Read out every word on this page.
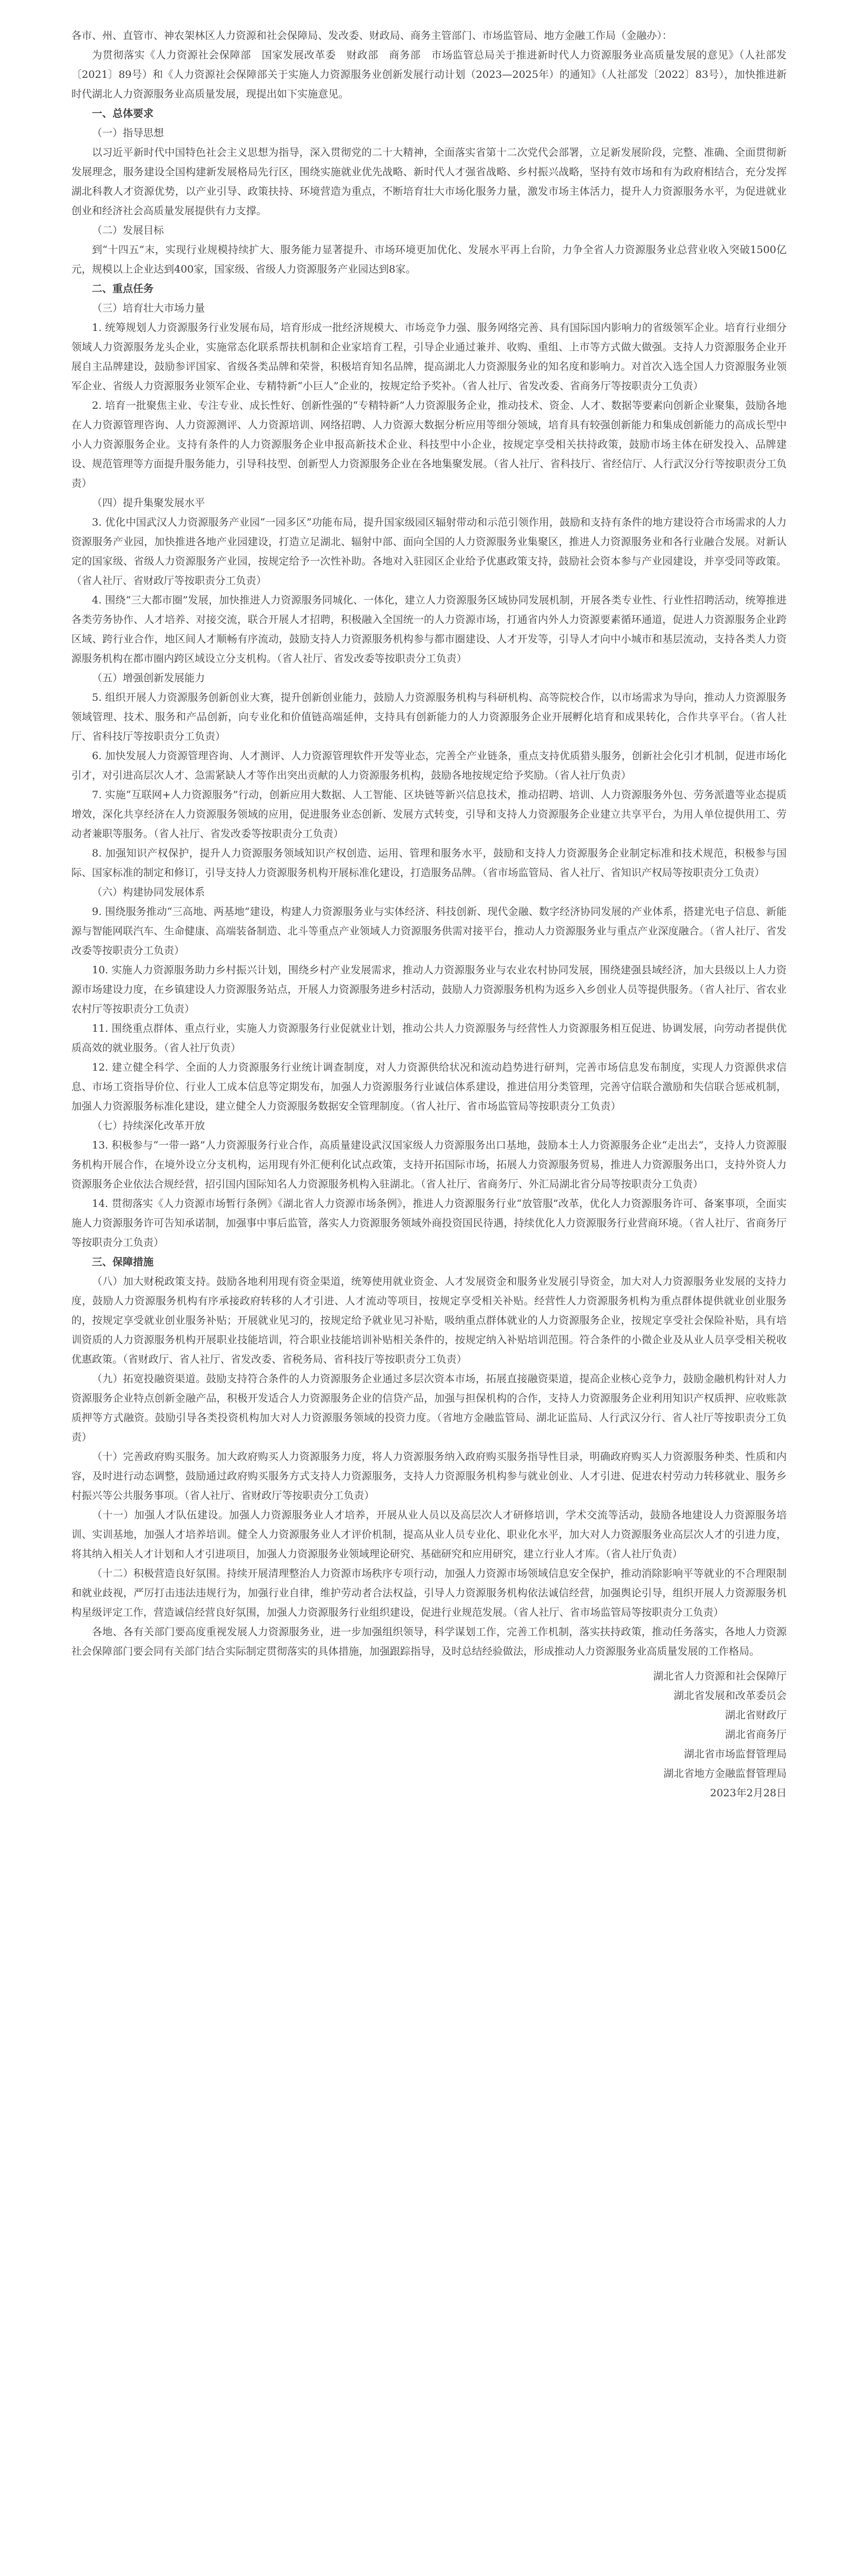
各市、州、直管市、神农架林区人力资源和社会保障局、发改委、财政局、商务主管部门、市场监管局、地方金融工作局（金融办）：

为贯彻落实《人力资源社会保障部　国家发展改革委　财政部　商务部　市场监管总局关于推进新时代人力资源服务业高质量发展的意见》（人社部发〔2021〕89号）和《人力资源社会保障部关于实施人力资源服务业创新发展行动计划（2023—2025年）的通知》（人社部发〔2022〕83号），加快推进新时代湖北人力资源服务业高质量发展，现提出如下实施意见。

一、总体要求

（一）指导思想

以习近平新时代中国特色社会主义思想为指导，深入贯彻党的二十大精神，全面落实省第十二次党代会部署，立足新发展阶段，完整、准确、全面贯彻新发展理念，服务建设全国构建新发展格局先行区，围绕实施就业优先战略、新时代人才强省战略、乡村振兴战略，坚持有效市场和有为政府相结合，充分发挥湖北科教人才资源优势，以产业引导、政策扶持、环境营造为重点，不断培育壮大市场化服务力量，激发市场主体活力，提升人力资源服务水平，为促进就业创业和经济社会高质量发展提供有力支撑。

（二）发展目标

到“十四五”末，实现行业规模持续扩大、服务能力显著提升、市场环境更加优化、发展水平再上台阶，力争全省人力资源服务业总营业收入突破1500亿元，规模以上企业达到400家，国家级、省级人力资源服务产业园达到8家。

二、重点任务

（三）培育壮大市场力量

1. 统筹规划人力资源服务行业发展布局，培育形成一批经济规模大、市场竞争力强、服务网络完善、具有国际国内影响力的省级领军企业。培育行业细分领域人力资源服务龙头企业，实施常态化联系帮扶机制和企业家培育工程，引导企业通过兼并、收购、重组、上市等方式做大做强。支持人力资源服务企业开展自主品牌建设，鼓励参评国家、省级各类品牌和荣誉，积极培育知名品牌，提高湖北人力资源服务业的知名度和影响力。对首次入选全国人力资源服务业领军企业、省级人力资源服务业领军企业、专精特新“小巨人”企业的，按规定给予奖补。（省人社厅、省发改委、省商务厅等按职责分工负责）

2. 培育一批聚焦主业、专注专业、成长性好、创新性强的“专精特新”人力资源服务企业，推动技术、资金、人才、数据等要素向创新企业聚集，鼓励各地在人力资源管理咨询、人力资源测评、人力资源培训、网络招聘、人力资源大数据分析应用等细分领域，培育具有较强创新能力和集成创新能力的高成长型中小人力资源服务企业。支持有条件的人力资源服务企业申报高新技术企业、科技型中小企业，按规定享受相关扶持政策，鼓励市场主体在研发投入、品牌建设、规范管理等方面提升服务能力，引导科技型、创新型人力资源服务企业在各地集聚发展。（省人社厅、省科技厅、省经信厅、人行武汉分行等按职责分工负责）

（四）提升集聚发展水平

3. 优化中国武汉人力资源服务产业园“一园多区”功能布局，提升国家级园区辐射带动和示范引领作用，鼓励和支持有条件的地方建设符合市场需求的人力资源服务产业园，加快推进各地产业园建设，打造立足湖北、辐射中部、面向全国的人力资源服务业集聚区，推进人力资源服务业和各行业融合发展。对新认定的国家级、省级人力资源服务产业园，按规定给予一次性补助。各地对入驻园区企业给予优惠政策支持，鼓励社会资本参与产业园建设，并享受同等政策。（省人社厅、省财政厅等按职责分工负责）

4. 围绕“三大都市圈”发展，加快推进人力资源服务同城化、一体化，建立人力资源服务区域协同发展机制，开展各类专业性、行业性招聘活动，统筹推进各类劳务协作、人才培养、对接交流，联合开展人才招聘，积极融入全国统一的人力资源市场，打通省内外人力资源要素循环通道，促进人力资源服务企业跨区域、跨行业合作，地区间人才顺畅有序流动，鼓励支持人力资源服务机构参与都市圈建设、人才开发等，引导人才向中小城市和基层流动，支持各类人力资源服务机构在都市圈内跨区域设立分支机构。（省人社厅、省发改委等按职责分工负责）

（五）增强创新发展能力

5. 组织开展人力资源服务创新创业大赛，提升创新创业能力，鼓励人力资源服务机构与科研机构、高等院校合作，以市场需求为导向，推动人力资源服务领域管理、技术、服务和产品创新，向专业化和价值链高端延伸，支持具有创新能力的人力资源服务企业开展孵化培育和成果转化，合作共享平台。（省人社厅、省科技厅等按职责分工负责）

6. 加快发展人力资源管理咨询、人才测评、人力资源管理软件开发等业态，完善全产业链条，重点支持优质猎头服务，创新社会化引才机制，促进市场化引才，对引进高层次人才、急需紧缺人才等作出突出贡献的人力资源服务机构，鼓励各地按规定给予奖励。（省人社厅负责）

7. 实施“互联网+人力资源服务”行动，创新应用大数据、人工智能、区块链等新兴信息技术，推动招聘、培训、人力资源服务外包、劳务派遣等业态提质增效，深化共享经济在人力资源服务领域的应用，促进服务业态创新、发展方式转变，引导和支持人力资源服务企业建立共享平台，为用人单位提供用工、劳动者兼职等服务。（省人社厅、省发改委等按职责分工负责）

8. 加强知识产权保护，提升人力资源服务领域知识产权创造、运用、管理和服务水平，鼓励和支持人力资源服务企业制定标准和技术规范，积极参与国际、国家标准的制定和修订，引导支持人力资源服务机构开展标准化建设，打造服务品牌。（省市场监管局、省人社厅、省知识产权局等按职责分工负责）

（六）构建协同发展体系

9. 围绕服务推动“三高地、两基地”建设，构建人力资源服务业与实体经济、科技创新、现代金融、数字经济协同发展的产业体系，搭建光电子信息、新能源与智能网联汽车、生命健康、高端装备制造、北斗等重点产业领域人力资源服务供需对接平台，推动人力资源服务业与重点产业深度融合。（省人社厅、省发改委等按职责分工负责）

10. 实施人力资源服务助力乡村振兴计划，围绕乡村产业发展需求，推动人力资源服务业与农业农村协同发展，围绕建强县域经济，加大县级以上人力资源市场建设力度，在乡镇建设人力资源服务站点，开展人力资源服务进乡村活动，鼓励人力资源服务机构为返乡入乡创业人员等提供服务。（省人社厅、省农业农村厅等按职责分工负责）

11. 围绕重点群体、重点行业，实施人力资源服务行业促就业计划，推动公共人力资源服务与经营性人力资源服务相互促进、协调发展，向劳动者提供优质高效的就业服务。（省人社厅负责）

12. 建立健全科学、全面的人力资源服务行业统计调查制度，对人力资源供给状况和流动趋势进行研判，完善市场信息发布制度，实现人力资源供求信息、市场工资指导价位、行业人工成本信息等定期发布，加强人力资源服务行业诚信体系建设，推进信用分类管理，完善守信联合激励和失信联合惩戒机制，加强人力资源服务标准化建设，建立健全人力资源服务数据安全管理制度。（省人社厅、省市场监管局等按职责分工负责）

（七）持续深化改革开放

13. 积极参与“一带一路”人力资源服务行业合作，高质量建设武汉国家级人力资源服务出口基地，鼓励本土人力资源服务企业“走出去”，支持人力资源服务机构开展合作，在境外设立分支机构，运用现有外汇便利化试点政策，支持开拓国际市场，拓展人力资源服务贸易，推进人力资源服务出口，支持外资人力资源服务企业依法合规经营，招引国内国际知名人力资源服务机构入驻湖北。（省人社厅、省商务厅、外汇局湖北省分局等按职责分工负责）

14. 贯彻落实《人力资源市场暂行条例》《湖北省人力资源市场条例》，推进人力资源服务行业“放管服”改革，优化人力资源服务许可、备案事项，全面实施人力资源服务许可告知承诺制，加强事中事后监管，落实人力资源服务领域外商投资国民待遇，持续优化人力资源服务行业营商环境。（省人社厅、省商务厅等按职责分工负责）

三、保障措施

（八）加大财税政策支持。鼓励各地利用现有资金渠道，统筹使用就业资金、人才发展资金和服务业发展引导资金，加大对人力资源服务业发展的支持力度，鼓励人力资源服务机构有序承接政府转移的人才引进、人才流动等项目，按规定享受相关补贴。经营性人力资源服务机构为重点群体提供就业创业服务的，按规定享受就业创业服务补贴；开展就业见习的，按规定给予就业见习补贴，吸纳重点群体就业的人力资源服务企业，按规定享受社会保险补贴，具有培训资质的人力资源服务机构开展职业技能培训，符合职业技能培训补贴相关条件的，按规定纳入补贴培训范围。符合条件的小微企业及从业人员享受相关税收优惠政策。（省财政厅、省人社厅、省发改委、省税务局、省科技厅等按职责分工负责）

（九）拓宽投融资渠道。鼓励支持符合条件的人力资源服务企业通过多层次资本市场，拓展直接融资渠道，提高企业核心竞争力，鼓励金融机构针对人力资源服务企业特点创新金融产品，积极开发适合人力资源服务企业的信贷产品，加强与担保机构的合作，支持人力资源服务企业利用知识产权质押、应收账款质押等方式融资。鼓励引导各类投资机构加大对人力资源服务领域的投资力度。（省地方金融监管局、湖北证监局、人行武汉分行、省人社厅等按职责分工负责）

（十）完善政府购买服务。加大政府购买人力资源服务力度，将人力资源服务纳入政府购买服务指导性目录，明确政府购买人力资源服务种类、性质和内容，及时进行动态调整，鼓励通过政府购买服务方式支持人力资源服务，支持人力资源服务机构参与就业创业、人才引进、促进农村劳动力转移就业、服务乡村振兴等公共服务事项。（省人社厅、省财政厅等按职责分工负责）

（十一）加强人才队伍建设。加强人力资源服务业人才培养，开展从业人员以及高层次人才研修培训，学术交流等活动，鼓励各地建设人力资源服务培训、实训基地，加强人才培养培训。健全人力资源服务业人才评价机制，提高从业人员专业化、职业化水平，加大对人力资源服务业高层次人才的引进力度，将其纳入相关人才计划和人才引进项目，加强人力资源服务业领域理论研究、基础研究和应用研究，建立行业人才库。（省人社厅负责）

（十二）积极营造良好氛围。持续开展清理整治人力资源市场秩序专项行动，加强人力资源市场领域信息安全保护，推动消除影响平等就业的不合理限制和就业歧视，严厉打击违法违规行为，加强行业自律，维护劳动者合法权益，引导人力资源服务机构依法诚信经营，加强舆论引导，组织开展人力资源服务机构星级评定工作，营造诚信经营良好氛围，加强人力资源服务行业组织建设，促进行业规范发展。（省人社厅、省市场监管局等按职责分工负责）

各地、各有关部门要高度重视发展人力资源服务业，进一步加强组织领导，科学谋划工作，完善工作机制，落实扶持政策，推动任务落实，各地人力资源社会保障部门要会同有关部门结合实际制定贯彻落实的具体措施，加强跟踪指导，及时总结经验做法，形成推动人力资源服务业高质量发展的工作格局。

湖北省人力资源和社会保障厅

湖北省发展和改革委员会

湖北省财政厅

湖北省商务厅

湖北省市场监督管理局

湖北省地方金融监督管理局

2023年2月28日
